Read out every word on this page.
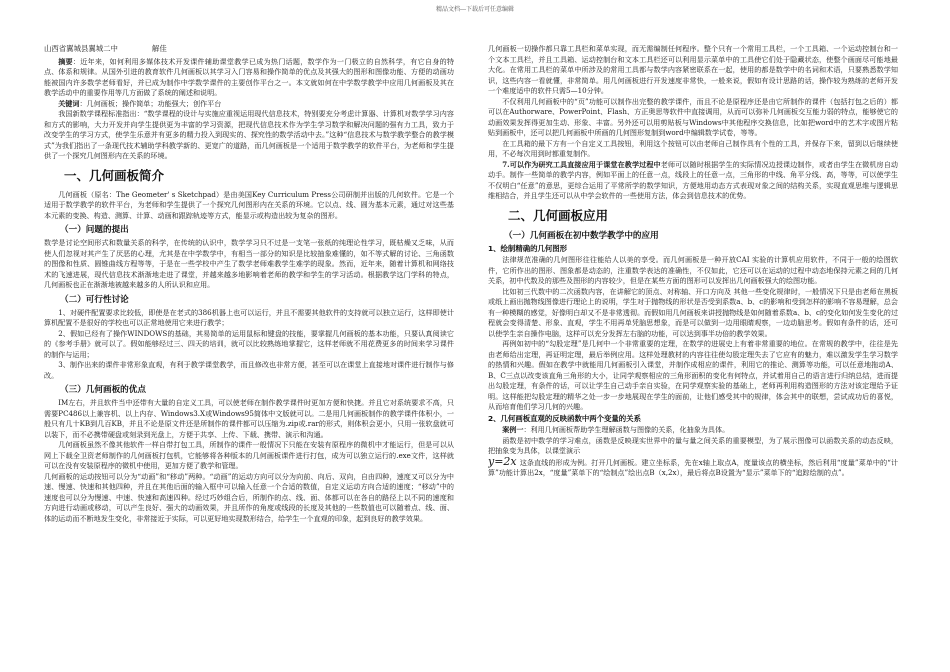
精品文档---下载后可任意编辑
山西省翼城县翼城二中	解佳

摘要：近年来，如何利用多媒体技术开发课件辅助课堂教学已成为热门话题，数学作为一门极立的自然科学，有它自身的特点、体系和规律。从国外引进的教育软件几何画板以其学习入门容易和操作简单的优点及其强大的图形和图像功能、方便的动画功能被国内许多数学老师看好，并已成为制作中学数学课件的主要创作平台之一。本文就如何在中学数学教学中应用几何画板及其在教学活动中的重要作用等几方面做了系统的阐述和说明。

关键词：几何画板；操作简单；功能强大；创作平台

我国新数学课程标准指出：“数学课程的设计与实施应重视运用现代信息技术，特别要充分考虑计算器、计算机对数学学习内容和方式的影响，大力开发并向学生提供更为丰富的学习资源，把现代信息技术作为学生学习数学和解决问题的强有力工具，致力于改变学生的学习方式，使学生乐意并有更多的精力投入到现实的、探究性的数学活动中去。”这种“信息技术与数学教学整合的教学模式”为我们指出了一条现代技术辅助学科教学新的、更宽广的道路，而几何画板是一个适用于数学教学的软件平台，为老师和学生提供了一个探究几何图形内在关系的环境。

一、几何画板简介

几何画板（原名：The Geometer' s Sketchpad）是由美国Key Curriculum Press公司研制并出版的几何软件。它是一个适用于数学教学的软件平台，为老师和学生提供了一个探究几何图形内在关系的环境。它以点、线、圆为基本元素，通过对这些基本元素的变换、构造、测算、计算、动画和跟踪轨迹等方式，能显示或构造出较为复杂的图形。

（一）问题的提出

数学是讨论空间形式和数量关系的科学，在传统的认识中，数学学习只不过是一支笔一张纸的纯理论性学习，既枯燥又乏味，从而使人们忽视对其产生了厌恶的心理，尤其是在中学数学中，有相当一部分的知识是比较抽象难懂的，如不等式解的讨论、三角函数的图像和性质、圆锥曲线方程等等，于是在一些学校中产生了数学老师难教学生难学的现象。然而，近年来，随着计算机和网络技术的飞速进展，现代信息技术渐渐地走进了课堂，并越来越多地影响着老师的教学和学生的学习活动。根据教学这门学科的特点，几何画板也正在渐渐地被越来越多的人所认识和应用。

（二）可行性讨论

1、对硬件配置要求比较低，即使是在老式的386机器上也可以运行，并且不需要其他软件的支持就可以独立运行，这样即使计算机配置不是很好的学校也可以正常地使用它来进行教学；

2、假如已经有了操作WINDOWS的基础，其易简单的运用鼠标和键盘的技能，要掌握几何画板的基本功能，只要认真阅读它的《参考手册》就可以了。假如能够经过三、四天的培训，就可以比较熟练地掌握它，这样老师就不用花费更多的时间来学习课件的制作与运用；

3、制作出来的课件非常形象直观，有利于教学课堂教学，而且修改也非常方便，甚至可以在课堂上直接地对课件进行制作与修改。

（三）几何画板的优点

IM左右，并且软件当中还带有大量的自定义工具，可以使老师在制作教学课件时更加方便和快捷。并且它对系统要求不高，只需要PC486以上兼容机、以上内存、Windows3.X或Windows95简体中文版就可以。二是用几何画板制作的教学课件体积小，一般只有几十KB到几百KB，并且不论是原文件还是所制作的课件都可以压缩为.zip或.rar的形式，则体积会更小，只用一张软盘就可以装下，而不必携带硬盘或刻录到光盘上，方便于共享、上传、下载、携带、演示和沟通。

几何画板虽然不像其他软件一样自带打包工具，所制作的课件一般情况下只能在安装有原程序的微机中才能运行，但是可以从网上下载全卫资老师制作的几何画板打包机，它能够将各种版本的几何画板课件进行打包，成为可以独立运行的.exe文件，这样就可以在没有安装原程序的微机中使用，更加方便了教学和管理。

几何画板的运动按钮可以分为“动画”和“移动”两种。“动画”的运动方向可以分为向前、向后、双向，自由四种，速度又可以分为中速、慢速、快速和其他四种，并且在其他后面的输入框中可以输入任意一个合适的数值，自定义运动方向合适的速度；“移动”中的速度也可以分为慢速、中速、快速和高速四种。经过巧妙组合后，所制作的点、线、面、体都可以在各自的路径上以不同的速度和方向进行动画或移动，可以产生良好、强大的动画效果，并且所作的角度或线段的长度及其他的一些数值也可以随着点、线、面、体的运动而不断地发生变化，非常接近于实际，可以更好地实现数形结合，给学生一个直观的印象，起到良好的教学效果。

几何画板一切操作都只靠工具栏和菜单实现，而无需编制任何程序。整个只有一个常用工具栏，一个工具箱、一个运动控制台和一个文本工具栏，并且工具箱、运动控制台和文本工具栏还可以利用显示菜单中的工具使它们处于隐藏状态，使整个画面尽可能地最大化。在常用工具栏的菜单中所涉及的常用工具都与数学内容紧密联系在一起，使用的都是数学中的名词和术语，只要熟悉数学知识，这些内容一看就懂，非常简单。用几何画板进行开发速度非常快，一般来说，假如有设计思路的话，操作较为熟练的老师开发一个难度适中的软件只需5—10分钟。

不仅利用几何画板中的“页”功能可以制作出完整的教学课件，而且不论是原程序还是由它所制作的课件（包括打包之后的）都可以在Authorware、PowerPoint、Flash、方正奥思等软件中直接调用，从而可以弥补几何画板交互能力弱的特点，能够使它的动画效果发挥得更加生动、形象、丰富。另外还可以用剪贴板与Windows中其他程序交换信息，比如把word中的艺术字或图片粘贴到画板中，还可以把几何画板中所画的几何图形复制到word中编辑数学试卷，等等。

在工具箱的最下方有一个自定义工具按钮，利用这个按钮可以由老师自己制作具有个性的工具，并保存下来，留到以后继续使用，不必每次用到时都重复制作。

7.可以作为研究工具直接应用于课堂在教学过程中老师可以随时根据学生的实际情况边授课边制作，或者由学生在微机房自动动手。制作一些简单的教学内容，例如平面上的任意一点，线段上的任意一点，三角形的中线、角平分线、高，等等，可以使学生不仅明白“任意”的意思，更综合运用了平常所学的数学知识，方便地用动态方式表现对象之间的结构关系，实现直观思维与逻辑思维相结合，并且学生还可以从中学会软件的一些使用方法，体会到信息技术的优势。

二、几何画板应用
（一）几何画板在初中数学教学中的应用
1、绘制精确的几何图形

法律规范准确的几何图形往往能给人以美的享受。而几何画板是一种开放CAI 实验的计算机应用软件，不同于一般的绘图软件，它所作出的图形、图象都是动态的，注重数学表达的准确性，不仅如此，它还可以在运动的过程中动态地保持元素之间的几何关系，初中代数及的那些及图形的内容较少，但是在某些方面的图形可以发挥出几何画板强大的绘图功能。

比如初三代数中的二次函数内容，在讲解它的顶点、对称轴、开口方向及 其他一些变化规律时，一般情况下只是由老师在黑板或纸上画出抛物线图像进行理论上的说明，学生对于抛物线的形状是否受到系数a、b、c的影响和受到怎样的影响不容易理解，总会有一种模糊的感觉，好像明白却又不是非常透彻。而假如用几何画板来讲授抛物线是如何随着系数a、b、c的变化如何发生变化的过程就会变得清楚、形象、直观，学生不用再单凭脑思想象，而是可以做到一边用眼睛观察，一边动脑思考。假如有条件的话，还可以使学生亲自操作电脑，这样可以充分发挥左右脑的功能，可以达到事半功倍的教学效果。

再例如初中的“勾股定理”是几何中一个非常重要的定理，在数学的进展史上有着非常重要的地位。在常规的教学中，往往是先由老师给出定理，再证明定理，最后举例应用。这样处理教材的内容往往使勾股定理失去了它应有的魅力，难以激发学生学习数学的热情和兴趣。假如在教学中就能用几何画板引入课堂，并制作成相应的课件，利用它的推论、测算等功能，可以任意地拖动A、B、C三点以改变该直角三角形的大小，让同学观察相应的三角形面积的变化有何特点，并试着用自己的语言进行归纳总结，进而提出勾股定理，有条件的话，可以让学生自己动手亲自实验，在同学观察实验的基础上，老师再利用构造图形的方法对该定理给予证明。这样能把勾股定理的精华之处一步一步地展现在学生的面前，让他们感受其中的规律，体会其中的联想，尝试成功后的喜悦，从而培育他们学习几何的兴趣。

2、几何画板直观的反映函数中两个变量的关系

案例一：利用几何画板帮助学生理解函数与图像的关系，化抽象为具体。

函数是初中数学的学习难点，函数是反映现实世界中的量与量之间关系的重要模型，为了展示图像可以函数关系的动态反映，把抽象变为具体，以课堂演示

y=2x 这条直线的形成为例。打开几何画板。建立坐标系，先在x轴上取点A，度量该点的横坐标，然后利用“度量”菜单中的“计算”功能计算出2x，“度量”菜单下的“绘制点”绘出点B（x,2x），最后将点B设置为“显示”菜单下的“追踪绘制的点”。
